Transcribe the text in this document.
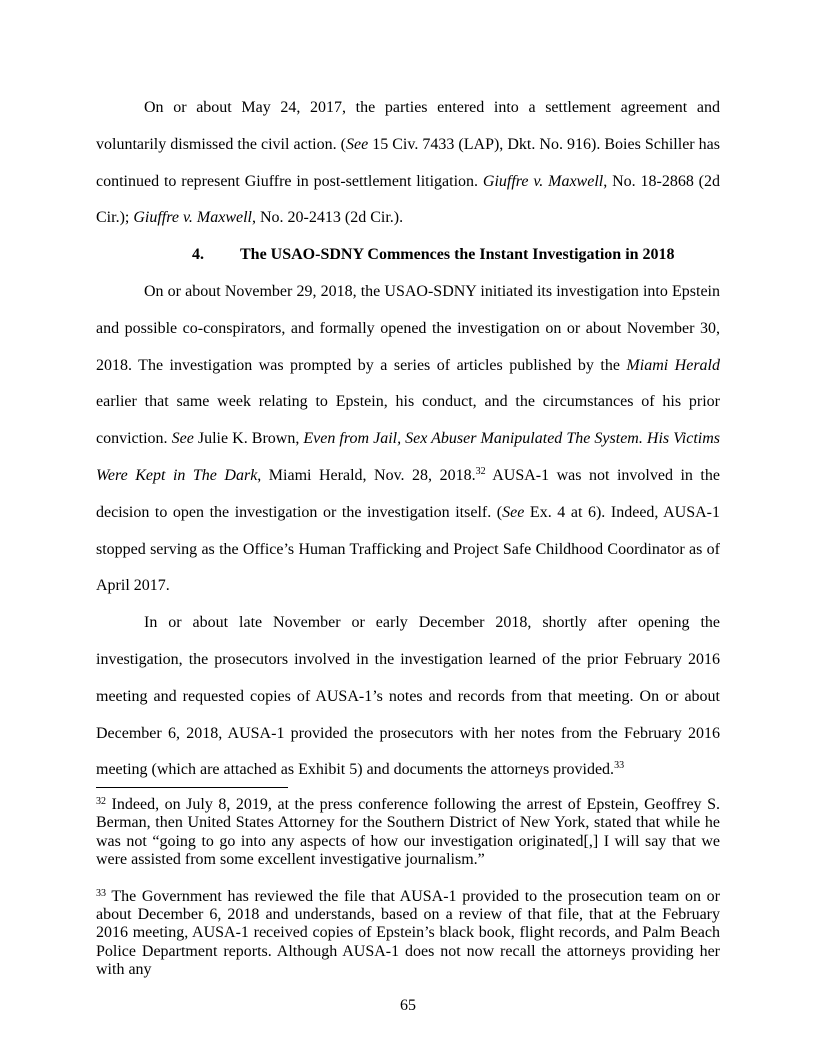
On or about May 24, 2017, the parties entered into a settlement agreement and voluntarily dismissed the civil action. (See 15 Civ. 7433 (LAP), Dkt. No. 916). Boies Schiller has continued to represent Giuffre in post-settlement litigation. Giuffre v. Maxwell, No. 18-2868 (2d Cir.); Giuffre v. Maxwell, No. 20-2413 (2d Cir.).

4. The USAO-SDNY Commences the Instant Investigation in 2018

On or about November 29, 2018, the USAO-SDNY initiated its investigation into Epstein and possible co-conspirators, and formally opened the investigation on or about November 30, 2018. The investigation was prompted by a series of articles published by the Miami Herald earlier that same week relating to Epstein, his conduct, and the circumstances of his prior conviction. See Julie K. Brown, Even from Jail, Sex Abuser Manipulated The System. His Victims Were Kept in The Dark, Miami Herald, Nov. 28, 2018.32 AUSA-1 was not involved in the decision to open the investigation or the investigation itself. (See Ex. 4 at 6). Indeed, AUSA-1 stopped serving as the Office’s Human Trafficking and Project Safe Childhood Coordinator as of April 2017.

In or about late November or early December 2018, shortly after opening the investigation, the prosecutors involved in the investigation learned of the prior February 2016 meeting and requested copies of AUSA-1’s notes and records from that meeting. On or about December 6, 2018, AUSA-1 provided the prosecutors with her notes from the February 2016 meeting (which are attached as Exhibit 5) and documents the attorneys provided.$^{33}$

$^{32}$ Indeed, on July 8, 2019, at the press conference following the arrest of Epstein, Geoffrey S. Berman, then United States Attorney for the Southern District of New York, stated that while he was not “going to go into any aspects of how our investigation originated[,] I will say that we were assisted from some excellent investigative journalism.”

$^{33}$ The Government has reviewed the file that AUSA-1 provided to the prosecution team on or about December 6, 2018 and understands, based on a review of that file, that at the February 2016 meeting, AUSA-1 received copies of Epstein’s black book, flight records, and Palm Beach Police Department reports. Although AUSA-1 does not now recall the attorneys providing her with any

65
